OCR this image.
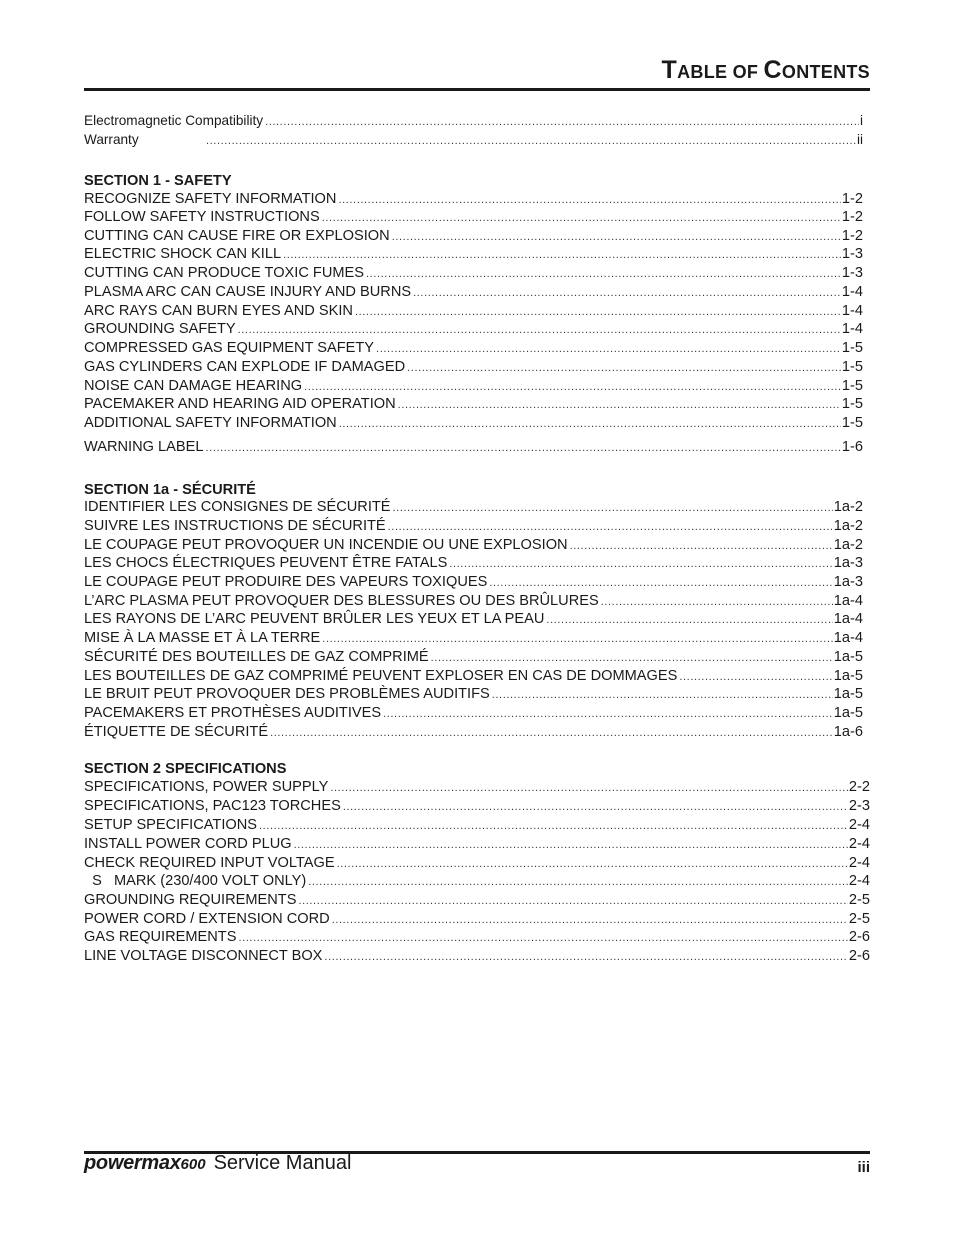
TABLE OF CONTENTS
Electromagnetic Compatibility .....	i
Warranty .....	ii
SECTION 1 - SAFETY
RECOGNIZE SAFETY INFORMATION .....	1-2
FOLLOW SAFETY INSTRUCTIONS .....	1-2
CUTTING CAN CAUSE FIRE OR EXPLOSION .....	1-2
ELECTRIC SHOCK CAN KILL .....	1-3
CUTTING CAN PRODUCE TOXIC FUMES .....	1-3
PLASMA ARC CAN CAUSE INJURY AND BURNS .....	1-4
ARC RAYS CAN BURN EYES AND SKIN .....	1-4
GROUNDING SAFETY .....	1-4
COMPRESSED GAS EQUIPMENT SAFETY .....	1-5
GAS CYLINDERS CAN EXPLODE IF DAMAGED .....	1-5
NOISE CAN DAMAGE HEARING .....	1-5
PACEMAKER AND HEARING AID OPERATION .....	1-5
ADDITIONAL SAFETY INFORMATION .....	1-5
WARNING LABEL .....	1-6
SECTION 1a - SÉCURITÉ
IDENTIFIER LES CONSIGNES DE SÉCURITÉ .....	1a-2
SUIVRE LES INSTRUCTIONS DE SÉCURITÉ .....	1a-2
LE COUPAGE PEUT PROVOQUER UN INCENDIE OU UNE EXPLOSION .....	1a-2
LES CHOCS ÉLECTRIQUES PEUVENT ÊTRE FATALS .....	1a-3
LE COUPAGE PEUT PRODUIRE DES VAPEURS TOXIQUES .....	1a-3
L’ARC PLASMA PEUT PROVOQUER DES BLESSURES OU DES BRÛLURES .....	1a-4
LES RAYONS DE L’ARC PEUVENT BRÛLER LES YEUX ET LA PEAU .....	1a-4
MISE À LA MASSE ET À LA TERRE .....	1a-4
SÉCURITÉ DES BOUTEILLES DE GAZ COMPRIMÉ .....	1a-5
LES BOUTEILLES DE GAZ COMPRIMÉ PEUVENT EXPLOSER EN CAS DE DOMMAGES .....	1a-5
LE BRUIT PEUT PROVOQUER DES PROBLÈMES AUDITIFS .....	1a-5
PACEMAKERS ET PROTHÈSES AUDITIVES .....	1a-5
ÉTIQUETTE DE SÉCURITÉ .....	1a-6
SECTION 2 SPECIFICATIONS
SPECIFICATIONS, POWER SUPPLY .....	2-2
SPECIFICATIONS, PAC123 TORCHES .....	2-3
SETUP SPECIFICATIONS .....	2-4
INSTALL POWER CORD PLUG .....	2-4
CHECK REQUIRED INPUT VOLTAGE .....	2-4
S   MARK (230/400 VOLT ONLY) .....	2-4
GROUNDING REQUIREMENTS .....	2-5
POWER CORD / EXTENSION CORD .....	2-5
GAS REQUIREMENTS .....	2-6
LINE VOLTAGE DISCONNECT BOX .....	2-6
powermax600 Service Manual	iii
